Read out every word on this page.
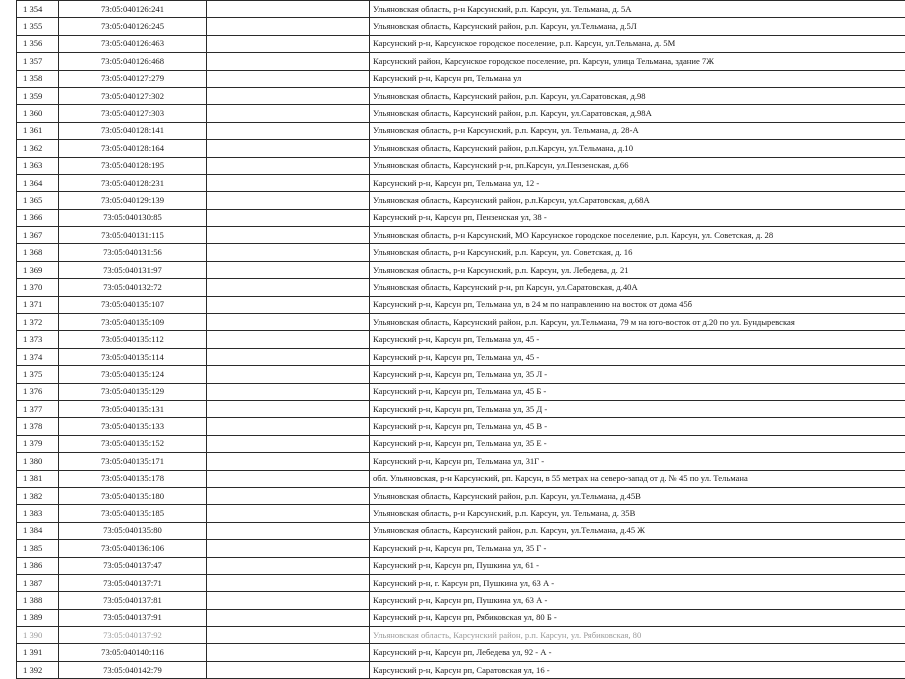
1 354	73:05:040126:241		Ульяновская область, р-н Карсунский, р.п. Карсун, ул. Тельмана, д. 5А
1 355	73:05:040126:245		Ульяновская область, Карсунский район, р.п. Карсун, ул.Тельмана, д.5Л
1 356	73:05:040126:463		Карсунский р-н, Карсунское городское поселение, р.п. Карсун, ул.Тельмана, д. 5М
1 357	73:05:040126:468		Карсунский район, Карсунское городское поселение, рп. Карсун, улица Тельмана, здание 7Ж
1 358	73:05:040127:279		Карсунский р-н, Карсун рп, Тельмана ул
1 359	73:05:040127:302		Ульяновская область, Карсунский район, р.п. Карсун, ул.Саратовская, д.98
1 360	73:05:040127:303		Ульяновская область, Карсунский район, р.п. Карсун, ул.Саратовская, д.98А
1 361	73:05:040128:141		Ульяновская область, р-н Карсунский, р.п. Карсун, ул. Тельмана, д. 28-А
1 362	73:05:040128:164		Ульяновская область, Карсунский район, р.п.Карсун, ул.Тельмана, д.10
1 363	73:05:040128:195		Ульяновская область, Карсунский р-н, рп.Карсун, ул.Пензенская, д.66
1 364	73:05:040128:231		Карсунский р-н, Карсун рп, Тельмана ул, 12 -
1 365	73:05:040129:139		Ульяновская область, Карсунский район, р.п.Карсун, ул.Саратовская, д.68А
1 366	73:05:040130:85		Карсунский р-н, Карсун рп, Пензенская ул, 38 -
1 367	73:05:040131:115		Ульяновская область, р-н Карсунский, МО Карсунское городское поселение, р.п. Карсун, ул. Советская, д. 28
1 368	73:05:040131:56		Ульяновская область, р-н Карсунский, р.п. Карсун, ул. Советская, д. 16
1 369	73:05:040131:97		Ульяновская область, р-н Карсунский, р.п. Карсун, ул. Лебедева, д. 21
1 370	73:05:040132:72		Ульяновская область, Карсунский р-н, рп Карсун, ул.Саратовская, д.40А
1 371	73:05:040135:107		Карсунский р-н, Карсун рп, Тельмана ул, в 24 м по направлению на восток от дома 45б
1 372	73:05:040135:109		Ульяновская область, Карсунский район, р.п. Карсун, ул.Тельмана, 79 м на юго-восток от д.20 по ул. Бундыревская
1 373	73:05:040135:112		Карсунский р-н, Карсун рп, Тельмана ул, 45 -
1 374	73:05:040135:114		Карсунский р-н, Карсун рп, Тельмана ул, 45 -
1 375	73:05:040135:124		Карсунский р-н, Карсун рп, Тельмана ул, 35 Л -
1 376	73:05:040135:129		Карсунский р-н, Карсун рп, Тельмана ул, 45 Б -
1 377	73:05:040135:131		Карсунский р-н, Карсун рп, Тельмана ул, 35 Д -
1 378	73:05:040135:133		Карсунский р-н, Карсун рп, Тельмана ул, 45 В -
1 379	73:05:040135:152		Карсунский р-н, Карсун рп, Тельмана ул, 35 Е -
1 380	73:05:040135:171		Карсунский р-н, Карсун рп, Тельмана ул, 31Г -
1 381	73:05:040135:178		обл. Ульяновская, р-н Карсунский, рп. Карсун, в 55 метрах на северо-запад от д. № 45 по ул. Тельмана
1 382	73:05:040135:180		Ульяновская область, Карсунский район, р.п. Карсун, ул.Тельмана, д.45В
1 383	73:05:040135:185		Ульяновская область, р-н Карсунский, р.п. Карсун, ул. Тельмана, д. 35В
1 384	73:05:040135:80		Ульяновская область, Карсунский район, р.п. Карсун, ул.Тельмана, д.45 Ж
1 385	73:05:040136:106		Карсунский р-н, Карсун рп, Тельмана ул, 35 Г -
1 386	73:05:040137:47		Карсунский р-н, Карсун рп, Пушкина ул, 61 -
1 387	73:05:040137:71		Карсунский р-н, г. Карсун рп, Пушкина ул, 63 А -
1 388	73:05:040137:81		Карсунский р-н, Карсун рп, Пушкина ул, 63 А -
1 389	73:05:040137:91		Карсунский р-н, Карсун рп, Рябиковская ул, 80 Б -
1 390	73:05:040137:92		Ульяновская область, Карсунский район, р.п. Карсун, ул. Рябиковская, 80
1 391	73:05:040140:116		Карсунский р-н, Карсун рп, Лебедева ул, 92 - А -
1 392	73:05:040142:79		Карсунский р-н, Карсун рп, Саратовская ул, 16 -
